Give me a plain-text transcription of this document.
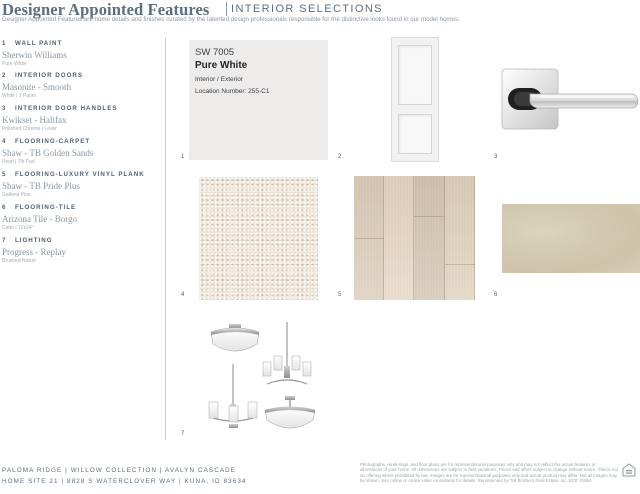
Designer Appointed Features INTERIOR SELECTIONS
Designer Appointed Features are home details and finishes curated by the talented design professionals responsible for the distinctive looks found in our model homes.
1 WALL PAINT
Sherwin Williams
Pure White
2 INTERIOR DOORS
Masonite - Smooth
White | 2 Panel
3 INTERIOR DOOR HANDLES
Kwikset - Halifax
Polished Chrome | Lever
4 FLOORING-CARPET
Shaw - TB Golden Sands
Pearl | 7lb Pad
5 FLOORING-LUXURY VINYL PLANK
Shaw - TB Pride Plus
Galleria Pine
6 FLOORING-TILE
Arizona Tile - Borgo
Cotto | 12x24"
7 LIGHTING
Progress - Replay
Brushed Nickel
SW 7005
Pure White
Interior / Exterior
Location Number: 255-C1
1	2	3
4	5	6
7
PALOMA RIDGE | WILLOW COLLECTION | AVALYN CASCADE
HOME SITE 21 | 8828 S WATERCLOVER WAY | KUNA, ID 83634
Photographs, renderings, and floor plans are for representational purposes only and may not reflect the actual features or dimensions of your home. All dimensions are subject to field variations. Prices and offers subject to change without notice. This is not an offering where prohibited by law. Images are for representational purposes only and actual product may differ. Not all images may be shown. See online or onsite sales consultants for details. Represented by Toll Brothers Real Estate, Inc. DCE #1854
